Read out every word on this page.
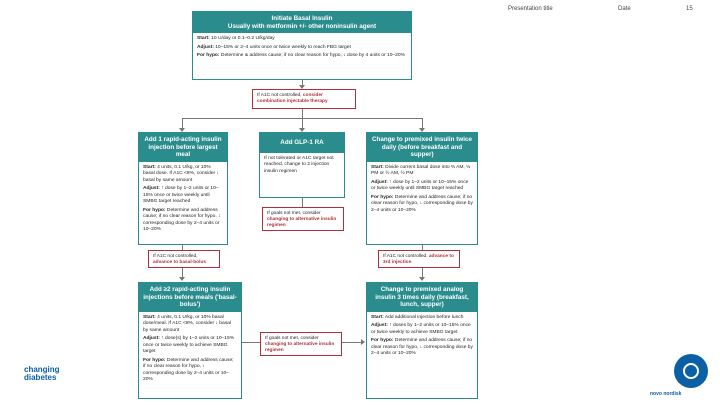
Presentation title	Date	15
Initiate Basal Insulin
Usually with metformin +/- other noninsulin agent

Start: 10 U/day or 0.1–0.2 U/kg/day

Adjust: 10–15% or 2–4 units once or twice weekly to reach FBG target

For hypo: Determine & address cause; if no clear reason for hypo, ↓ dose by 4 units or 10–20%

If A1C not controlled, consider combination injectable therapy
Add 1 rapid-acting insulin injection before largest meal

Start: 4 units, 0.1 U/kg, or 10% basal dose. If A1C <8%, consider ↓ basal by same amount

Adjust: ↑ dose by 1–2 units or 10–15% once or twice weekly until SMBG target reached

For hypo: Determine and address cause; if no clear reason for hypo, ↓ corresponding dose by 2–4 units or 10–20%

Add GLP-1 RA
If not tolerated or A1C target not reached, change to 2 injection insulin regimen
If goals not met, consider changing to alternative insulin regimen
Change to premixed insulin twice daily (before breakfast and supper)

Start: Divide current basal dose into ⅔ AM, ⅓ PM or ½ AM, ½ PM

Adjust: ↑ dose by 1–2 units or 10–15% once or twice weekly until SMBG target reached

For hypo: Determine and address cause; if no clear reason for hypo, ↓ corresponding dose by 2–4 units or 10–20%

If A1C not controlled, advance to basal-bolus
If A1C not controlled, advance to 3rd injection
Add ≥2 rapid-acting insulin injections before meals ('basal-bolus')

Start: 4 units, 0.1 U/kg, or 10% basal dose/meal. If A1C <8%, consider ↓ basal by same amount

Adjust: ↑ dose(s) by 1–2 units or 10–15% once or twice weekly to achieve SMBG target

For hypo: Determine and address cause; if no clear reason for hypo, ↓ corresponding dose by 2–4 units or 10–20%

If goals not met, consider changing to alternative insulin regimen
Change to premixed analog insulin 3 times daily (breakfast, lunch, supper)

Start: Add additional injection before lunch

Adjust: ↑ doses by 1–2 units or 10–15% once or twice weekly to achieve SMBG target

For hypo: Determine and address cause; if no clear reason for hypo, ↓ corresponding dose by 2–4 units or 10–20%

changing
diabetes
novo nordisk
